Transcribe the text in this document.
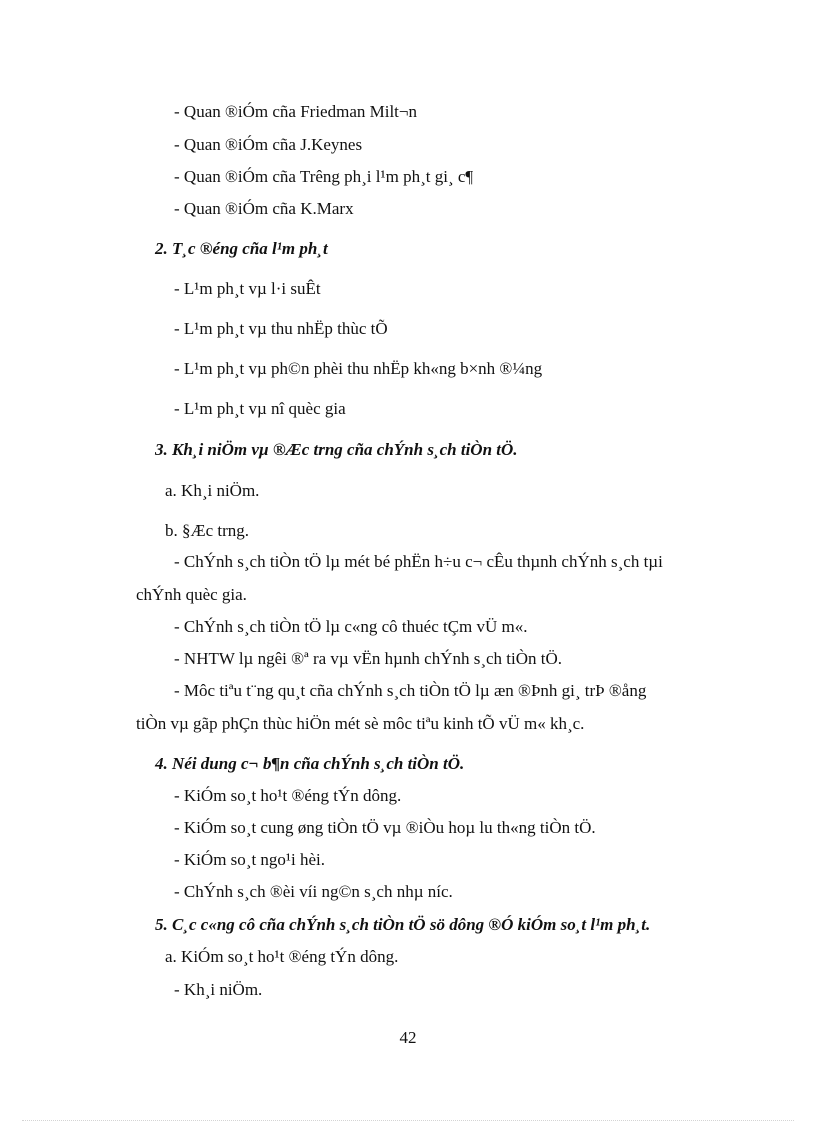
- Quan ®iÓm cña Friedman Milt¬n

- Quan ®iÓm cña J.Keynes

- Quan ®iÓm cña Trêng ph¸i l¹m ph¸t gi¸ c¶

- Quan ®iÓm cña K.Marx

2. T¸c ®éng cña l¹m ph¸t

- L¹m ph¸t vµ l·i suÊt

- L¹m ph¸t vµ thu nhËp thùc tÕ

- L¹m ph¸t vµ ph©n phèi thu nhËp kh«ng b×nh ®¼ng

- L¹m ph¸t vµ nî quèc gia

3. Kh¸i niÖm vµ ®Æc trng cña chÝnh s¸ch tiÒn tÖ.

a. Kh¸i niÖm.

b. §Æc trng.

- ChÝnh s¸ch tiÒn tÖ lµ mét bé phËn h÷u c¬ cÊu thµnh chÝnh s¸ch tµi

chÝnh quèc gia.

- ChÝnh s¸ch tiÒn tÖ lµ c«ng cô thuéc tÇm vÜ m«.

- NHTW lµ ngêi ®ª ra vµ vËn hµnh chÝnh s¸ch tiÒn tÖ.

- Môc tiªu t¨ng qu¸t cña chÝnh s¸ch tiÒn tÖ lµ æn ®Þnh gi¸ trÞ ®ång

tiÒn vµ gãp phÇn thùc hiÖn mét sè môc tiªu kinh tÕ vÜ m« kh¸c.

4. Néi dung c¬ b¶n cña chÝnh s¸ch tiÒn tÖ.

- KiÓm so¸t ho¹t ®éng tÝn dông.

- KiÓm so¸t cung øng tiÒn tÖ vµ ®iÒu hoµ lu th«ng tiÒn tÖ.

- KiÓm so¸t ngo¹i hèi.

- ChÝnh s¸ch ®èi víi ng©n s¸ch nhµ níc.

5. C¸c c«ng cô cña chÝnh s¸ch tiÒn tÖ sö dông ®Ó kiÓm so¸t l¹m ph¸t.

a. KiÓm so¸t ho¹t ®éng tÝn dông.

- Kh¸i niÖm.

42
